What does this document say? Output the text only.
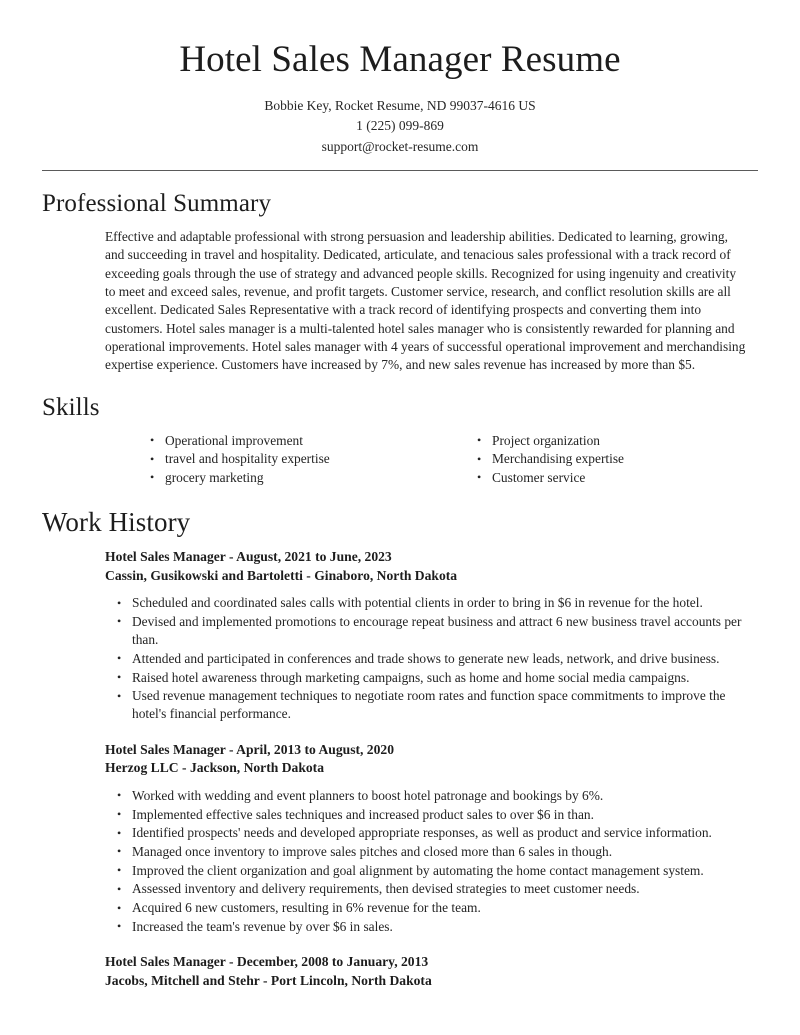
Hotel Sales Manager Resume
Bobbie Key, Rocket Resume, ND 99037-4616 US
1 (225) 099-869
support@rocket-resume.com
Professional Summary

Effective and adaptable professional with strong persuasion and leadership abilities. Dedicated to learning, growing, and succeeding in travel and hospitality. Dedicated, articulate, and tenacious sales professional with a track record of exceeding goals through the use of strategy and advanced people skills. Recognized for using ingenuity and creativity to meet and exceed sales, revenue, and profit targets. Customer service, research, and conflict resolution skills are all excellent. Dedicated Sales Representative with a track record of identifying prospects and converting them into customers. Hotel sales manager is a multi-talented hotel sales manager who is consistently rewarded for planning and operational improvements. Hotel sales manager with 4 years of successful operational improvement and merchandising expertise experience. Customers have increased by 7%, and new sales revenue has increased by more than $5.

Skills
• Operational improvement
• travel and hospitality expertise
• grocery marketing
• Project organization
• Merchandising expertise
• Customer service
Work History
Hotel Sales Manager - August, 2021 to June, 2023
Cassin, Gusikowski and Bartoletti - Ginaboro, North Dakota
• Scheduled and coordinated sales calls with potential clients in order to bring in $6 in revenue for the hotel.
• Devised and implemented promotions to encourage repeat business and attract 6 new business travel accounts per than.
• Attended and participated in conferences and trade shows to generate new leads, network, and drive business.
• Raised hotel awareness through marketing campaigns, such as home and home social media campaigns.
• Used revenue management techniques to negotiate room rates and function space commitments to improve the hotel's financial performance.
Hotel Sales Manager - April, 2013 to August, 2020
Herzog LLC - Jackson, North Dakota
• Worked with wedding and event planners to boost hotel patronage and bookings by 6%.
• Implemented effective sales techniques and increased product sales to over $6 in than.
• Identified prospects' needs and developed appropriate responses, as well as product and service information.
• Managed once inventory to improve sales pitches and closed more than 6 sales in though.
• Improved the client organization and goal alignment by automating the home contact management system.
• Assessed inventory and delivery requirements, then devised strategies to meet customer needs.
• Acquired 6 new customers, resulting in 6% revenue for the team.
• Increased the team's revenue by over $6 in sales.
Hotel Sales Manager - December, 2008 to January, 2013
Jacobs, Mitchell and Stehr - Port Lincoln, North Dakota
